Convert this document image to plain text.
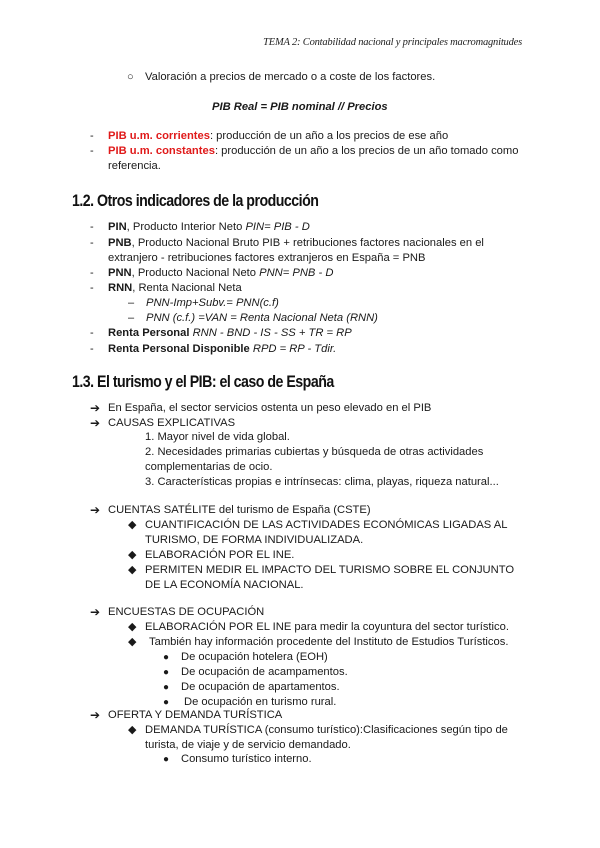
TEMA 2: Contabilidad nacional y principales macromagnitudes
○ Valoración a precios de mercado o a coste de los factores.
PIB Real = PIB nominal // Precios
- PIB u.m. corrientes: producción de un año a los precios de ese año
- PIB u.m. constantes: producción de un año a los precios de un año tomado como
referencia.
1.2. Otros indicadores de la producción
- PIN, Producto Interior Neto PIN= PIB - D
- PNB, Producto Nacional Bruto PIB + retribuciones factores nacionales en el
extranjero - retribuciones factores extranjeros en España = PNB
- PNN, Producto Nacional Neto PNN= PNB - D
- RNN, Renta Nacional Neta
– PNN-Imp+Subv.= PNN(c.f)
– PNN (c.f.) =VAN = Renta Nacional Neta (RNN)
- Renta Personal RNN - BND - IS - SS + TR = RP
- Renta Personal Disponible RPD = RP - Tdir.
1.3. El turismo y el PIB: el caso de España
➔ En España, el sector servicios ostenta un peso elevado en el PIB
➔ CAUSAS EXPLICATIVAS
1. Mayor nivel de vida global.
2. Necesidades primarias cubiertas y búsqueda de otras actividades
complementarias de ocio.
3. Características propias e intrínsecas: clima, playas, riqueza natural...
➔ CUENTAS SATÉLITE del turismo de España (CSTE)
◆ CUANTIFICACIÓN DE LAS ACTIVIDADES ECONÓMICAS LIGADAS AL
TURISMO, DE FORMA INDIVIDUALIZADA.
◆ ELABORACIÓN POR EL INE.
◆ PERMITEN MEDIR EL IMPACTO DEL TURISMO SOBRE EL CONJUNTO
DE LA ECONOMÍA NACIONAL.
➔ ENCUESTAS DE OCUPACIÓN
◆ ELABORACIÓN POR EL INE para medir la coyuntura del sector turístico.
◆ También hay información procedente del Instituto de Estudios Turísticos.
● De ocupación hotelera (EOH)
● De ocupación de acampamentos.
● De ocupación de apartamentos.
● De ocupación en turismo rural.
➔ OFERTA Y DEMANDA TURÍSTICA
◆ DEMANDA TURÍSTICA (consumo turístico):Clasificaciones según tipo de
turista, de viaje y de servicio demandado.
● Consumo turístico interno.
